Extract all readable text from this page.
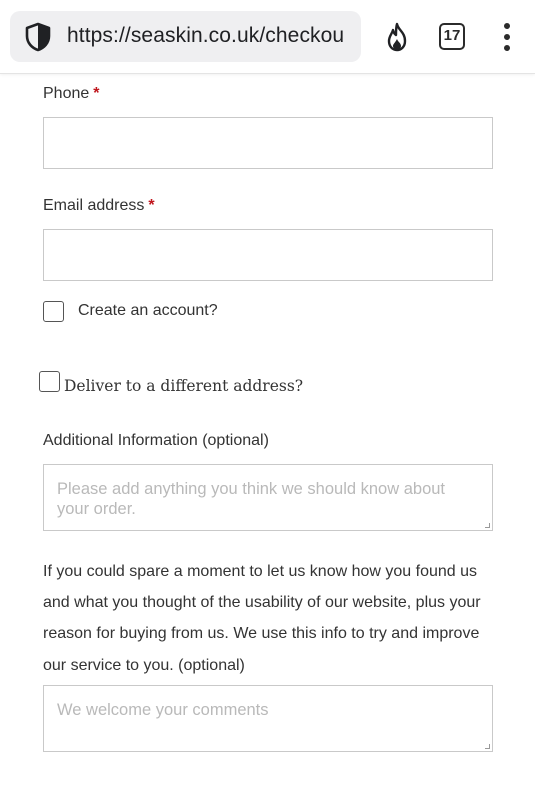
https://seaskin.co.uk/checkou	17
Phone *
Email address *
Create an account?
Deliver to a different address?
Additional Information (optional)
Please add anything you think we should know about your order.
If you could spare a moment to let us know how you found us and what you thought of the usability of our website, plus your reason for buying from us. We use this info to try and improve our service to you. (optional)
We welcome your comments
